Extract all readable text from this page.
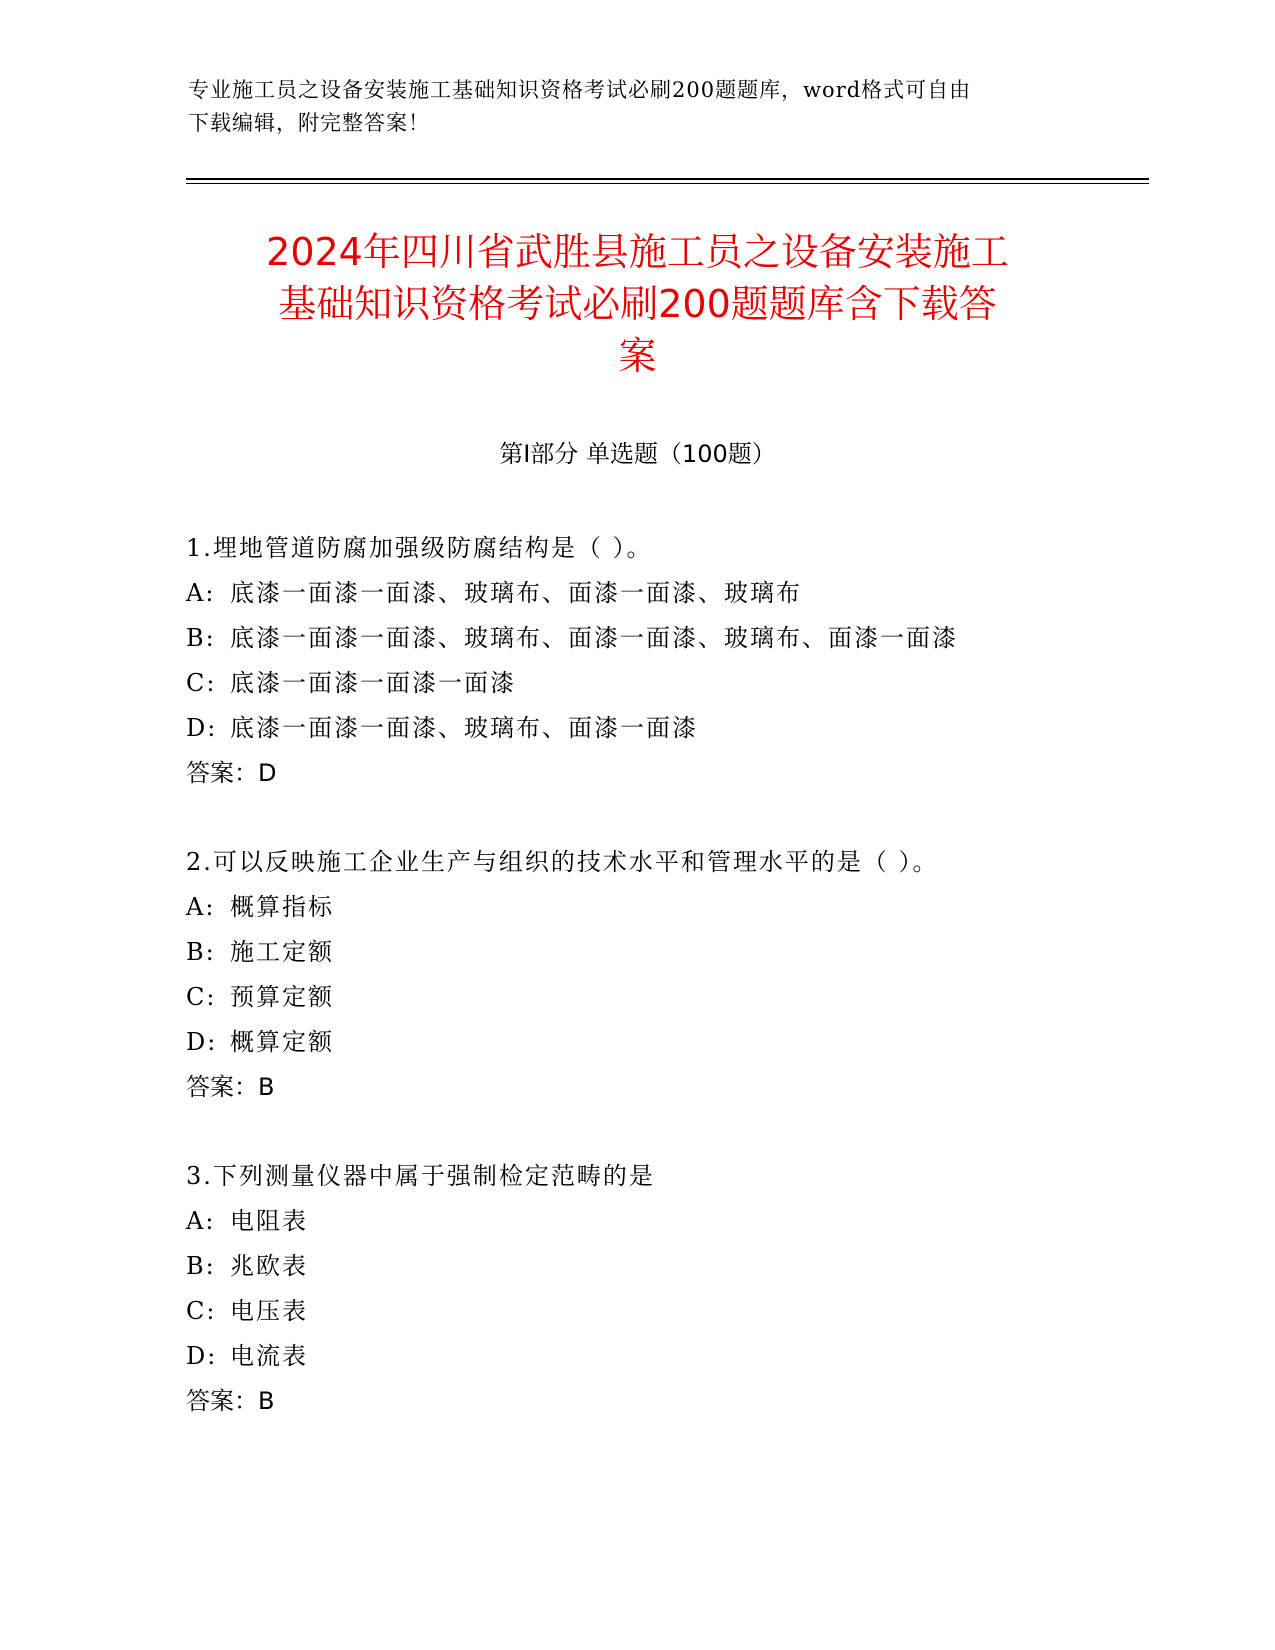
专业施工员之设备安装施工基础知识资格考试必刷200题题库，word格式可自由
下载编辑，附完整答案！
2024年四川省武胜县施工员之设备安装施工
基础知识资格考试必刷200题题库含下载答
案
第Ⅰ部分 单选题（100题）
1.埋地管道防腐加强级防腐结构是（ ）。
A: 底漆一面漆一面漆、玻璃布、面漆一面漆、玻璃布
B: 底漆一面漆一面漆、玻璃布、面漆一面漆、玻璃布、面漆一面漆
C: 底漆一面漆一面漆一面漆
D: 底漆一面漆一面漆、玻璃布、面漆一面漆
答案：D
2.可以反映施工企业生产与组织的技术水平和管理水平的是（ ）。
A: 概算指标
B: 施工定额
C: 预算定额
D: 概算定额
答案：B
3.下列测量仪器中属于强制检定范畴的是
A: 电阻表
B: 兆欧表
C: 电压表
D: 电流表
答案：B
